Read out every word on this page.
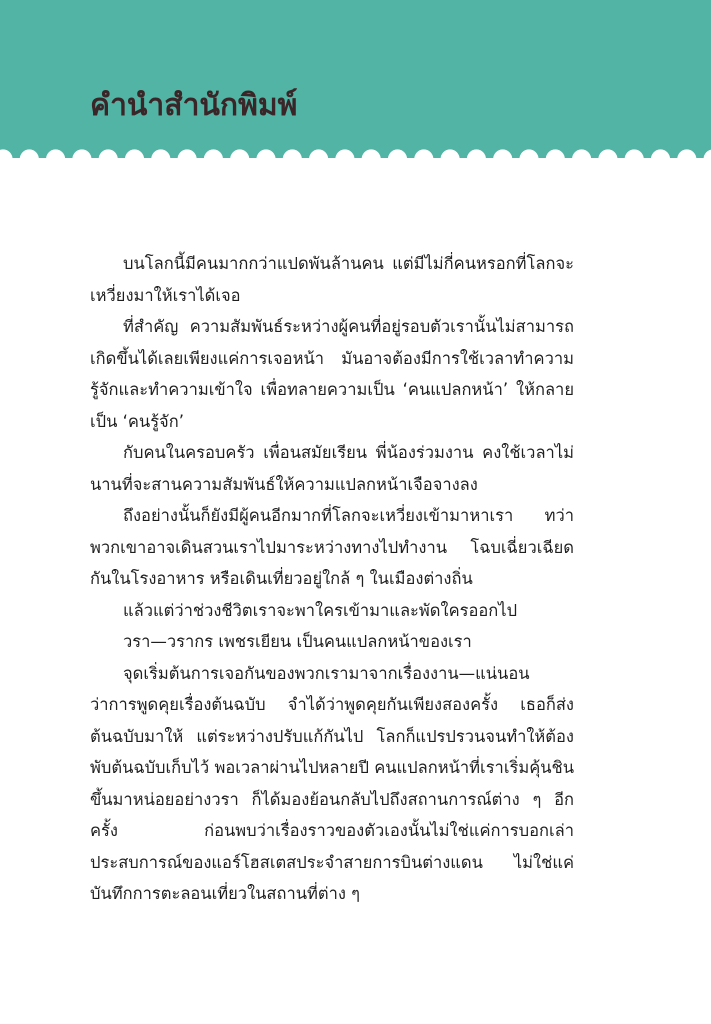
คำนำสำนักพิมพ์

บนโลกนี้มีคนมากกว่าแปดพันล้านคน แต่มีไม่กี่คนหรอกที่โลกจะเหวี่ยงมาให้เราได้เจอ

ที่สำคัญ ความสัมพันธ์ระหว่างผู้คนที่อยู่รอบตัวเรานั้นไม่สามารถเกิดขึ้นได้เลยเพียงแค่การเจอหน้า มันอาจต้องมีการใช้เวลาทำความรู้จักและทำความเข้าใจ เพื่อทลายความเป็น ‘คนแปลกหน้า’ ให้กลายเป็น ‘คนรู้จัก’

กับคนในครอบครัว เพื่อนสมัยเรียน พี่น้องร่วมงาน คงใช้เวลาไม่นานที่จะสานความสัมพันธ์ให้ความแปลกหน้าเจือจางลง

ถึงอย่างนั้นก็ยังมีผู้คนอีกมากที่โลกจะเหวี่ยงเข้ามาหาเรา ทว่าพวกเขาอาจเดินสวนเราไปมาระหว่างทางไปทำงาน โฉบเฉี่ยวเฉียดกันในโรงอาหาร หรือเดินเที่ยวอยู่ใกล้ ๆ ในเมืองต่างถิ่น

แล้วแต่ว่าช่วงชีวิตเราจะพาใครเข้ามาและพัดใครออกไป

วรา—วรากร เพชรเยียน เป็นคนแปลกหน้าของเรา

จุดเริ่มต้นการเจอกันของพวกเรามาจากเรื่องงาน—แน่นอนว่าการพูดคุยเรื่องต้นฉบับ จำได้ว่าพูดคุยกันเพียงสองครั้ง เธอก็ส่งต้นฉบับมาให้ แต่ระหว่างปรับแก้กันไป โลกก็แปรปรวนจนทำให้ต้องพับต้นฉบับเก็บไว้ พอเวลาผ่านไปหลายปี คนแปลกหน้าที่เราเริ่มคุ้นชินขึ้นมาหน่อยอย่างวรา ก็ได้มองย้อนกลับไปถึงสถานการณ์ต่าง ๆ อีกครั้ง ก่อนพบว่าเรื่องราวของตัวเองนั้นไม่ใช่แค่การบอกเล่าประสบการณ์ของแอร์โฮสเตสประจำสายการบินต่างแดน ไม่ใช่แค่บันทึกการตะลอนเที่ยวในสถานที่ต่าง ๆ
